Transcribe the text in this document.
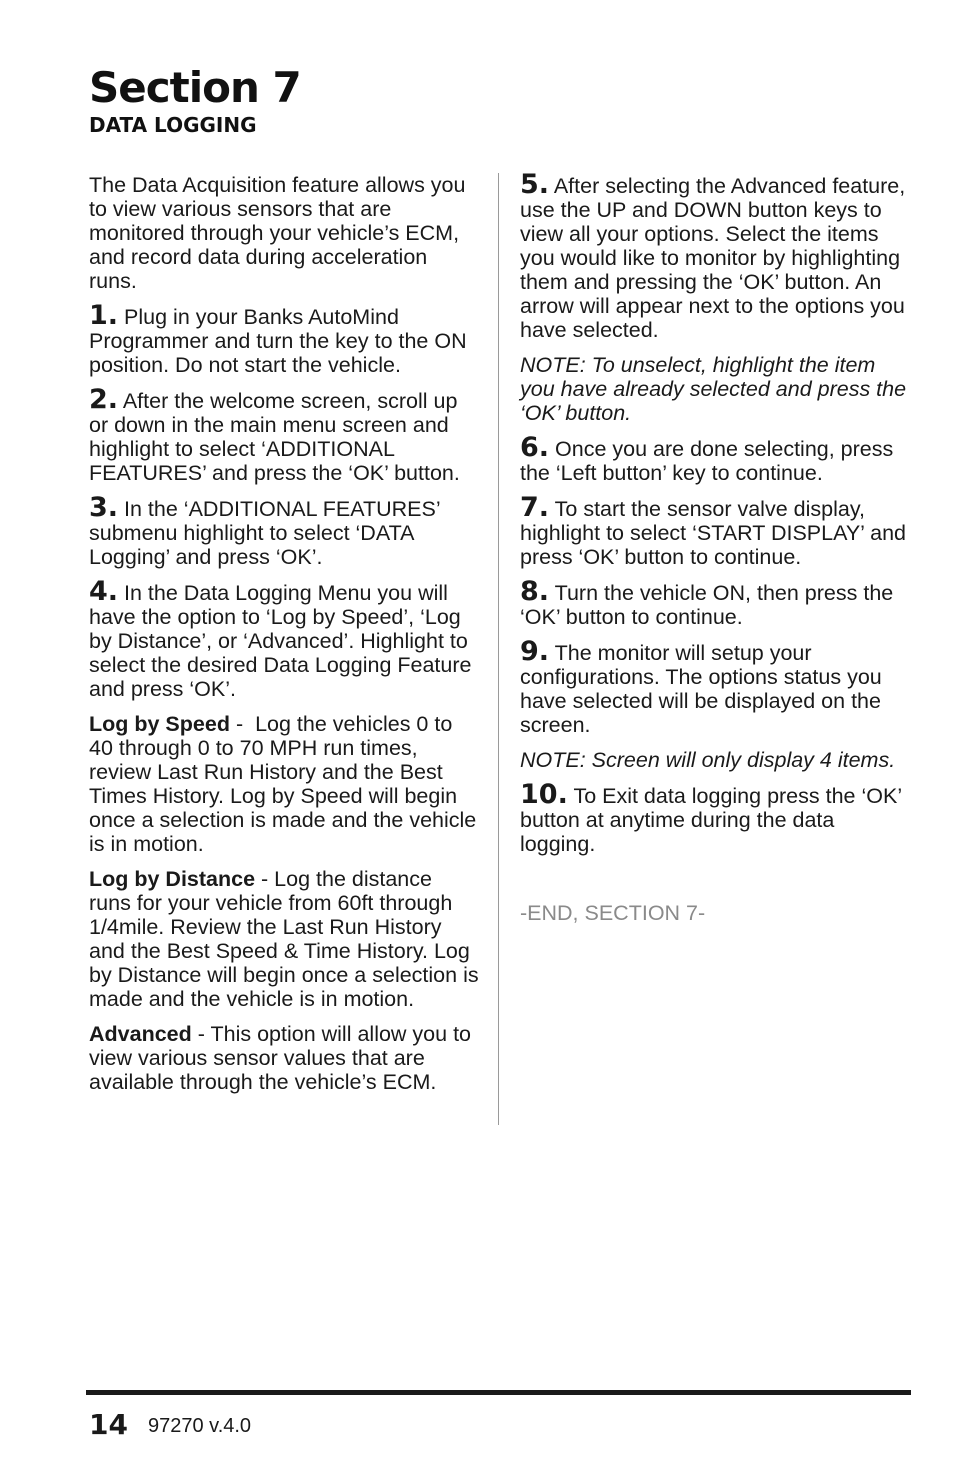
Section 7
DATA LOGGING

The Data Acquisition feature allows you to view various sensors that are monitored through your vehicle’s ECM, and record data during acceleration runs.

1. Plug in your Banks AutoMind Programmer and turn the key to the ON position. Do not start the vehicle.

2. After the welcome screen, scroll up or down in the main menu screen and highlight to select ‘ADDITIONAL FEATURES’ and press the ‘OK’ button.

3. In the ‘ADDITIONAL FEATURES’ submenu highlight to select ‘DATA Logging’ and press ‘OK’.

4. In the Data Logging Menu you will have the option to ‘Log by Speed’, ‘Log by Distance’, or ‘Advanced’. Highlight to select the desired Data Logging Feature and press ‘OK’.

Log by Speed -  Log the vehicles 0 to 40 through 0 to 70 MPH run times, review Last Run History and the Best Times History. Log by Speed will begin once a selection is made and the vehicle is in motion.

Log by Distance - Log the distance runs for your vehicle from 60ft through 1/4mile. Review the Last Run History and the Best Speed & Time History. Log by Distance will begin once a selection is made and the vehicle is in motion.

Advanced - This option will allow you to view various sensor values that are available through the vehicle’s ECM.

5. After selecting the Advanced feature, use the UP and DOWN button keys to view all your options. Select the items you would like to monitor by highlighting them and pressing the ‘OK’ button. An arrow will appear next to the options you have selected.

NOTE: To unselect, highlight the item you have already selected and press the ‘OK’ button.

6. Once you are done selecting, press the ‘Left button’ key to continue.

7. To start the sensor valve display, highlight to select ‘START DISPLAY’ and press ‘OK’ button to continue.

8. Turn the vehicle ON, then press the ‘OK’ button to continue.

9. The monitor will setup your configurations. The options status you have selected will be displayed on the screen.

NOTE: Screen will only display 4 items.

10. To Exit data logging press the ‘OK’ button at anytime during the data logging.

-END, SECTION 7-

14 97270 v.4.0
